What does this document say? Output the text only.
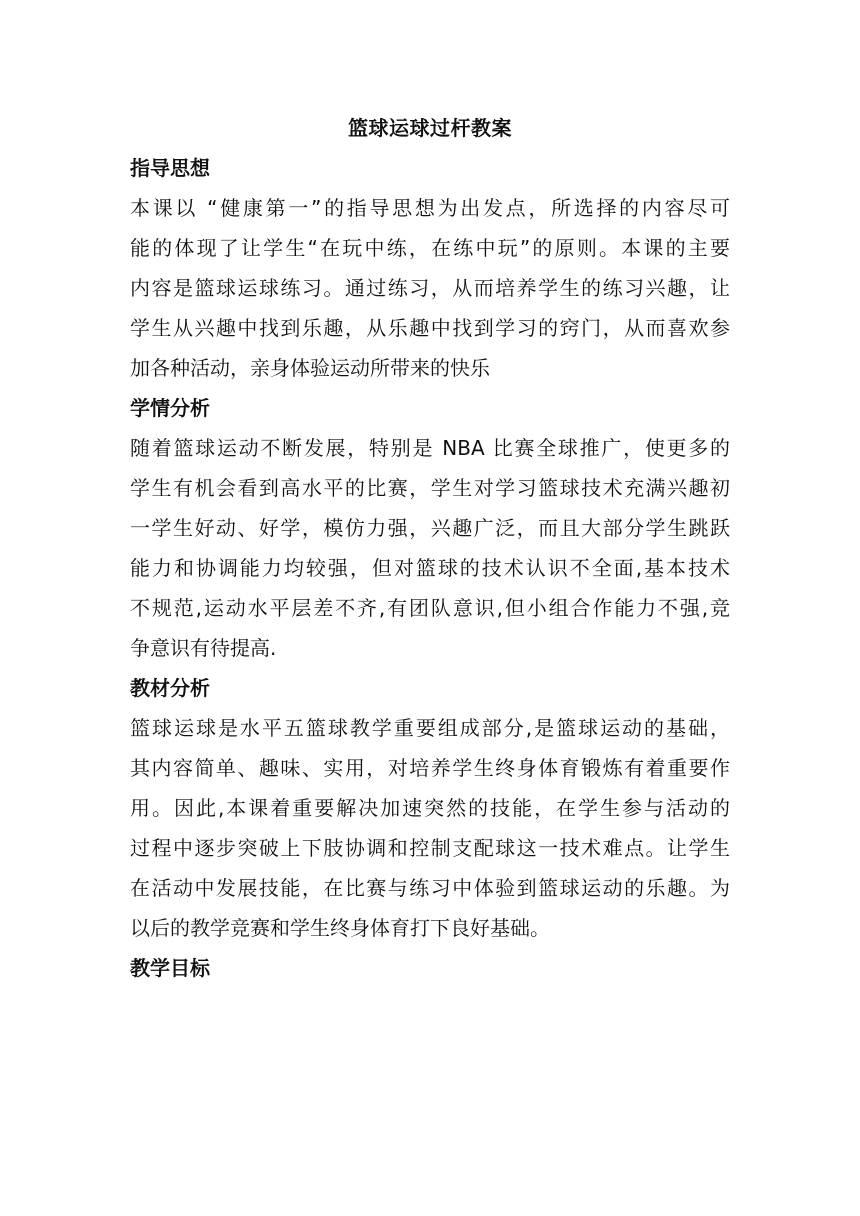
篮球运球过杆教案
指导思想
本课以 “健康第一”的指导思想为出发点，所选择的内容尽可
能的体现了让学生“在玩中练，在练中玩”的原则。本课的主要
内容是篮球运球练习。通过练习，从而培养学生的练习兴趣，让
学生从兴趣中找到乐趣，从乐趣中找到学习的窍门，从而喜欢参
加各种活动，亲身体验运动所带来的快乐
学情分析
随着篮球运动不断发展，特别是 NBA 比赛全球推广，使更多的
学生有机会看到高水平的比赛，学生对学习篮球技术充满兴趣初
一学生好动、好学，模仿力强，兴趣广泛，而且大部分学生跳跃
能力和协调能力均较强，但对篮球的技术认识不全面,基本技术
不规范,运动水平层差不齐,有团队意识,但小组合作能力不强,竞
争意识有待提高.
教材分析
篮球运球是水平五篮球教学重要组成部分,是篮球运动的基础，
其内容简单、趣味、实用，对培养学生终身体育锻炼有着重要作
用。因此,本课着重要解决加速突然的技能，在学生参与活动的
过程中逐步突破上下肢协调和控制支配球这一技术难点。让学生
在活动中发展技能，在比赛与练习中体验到篮球运动的乐趣。为
以后的教学竞赛和学生终身体育打下良好基础。
教学目标
